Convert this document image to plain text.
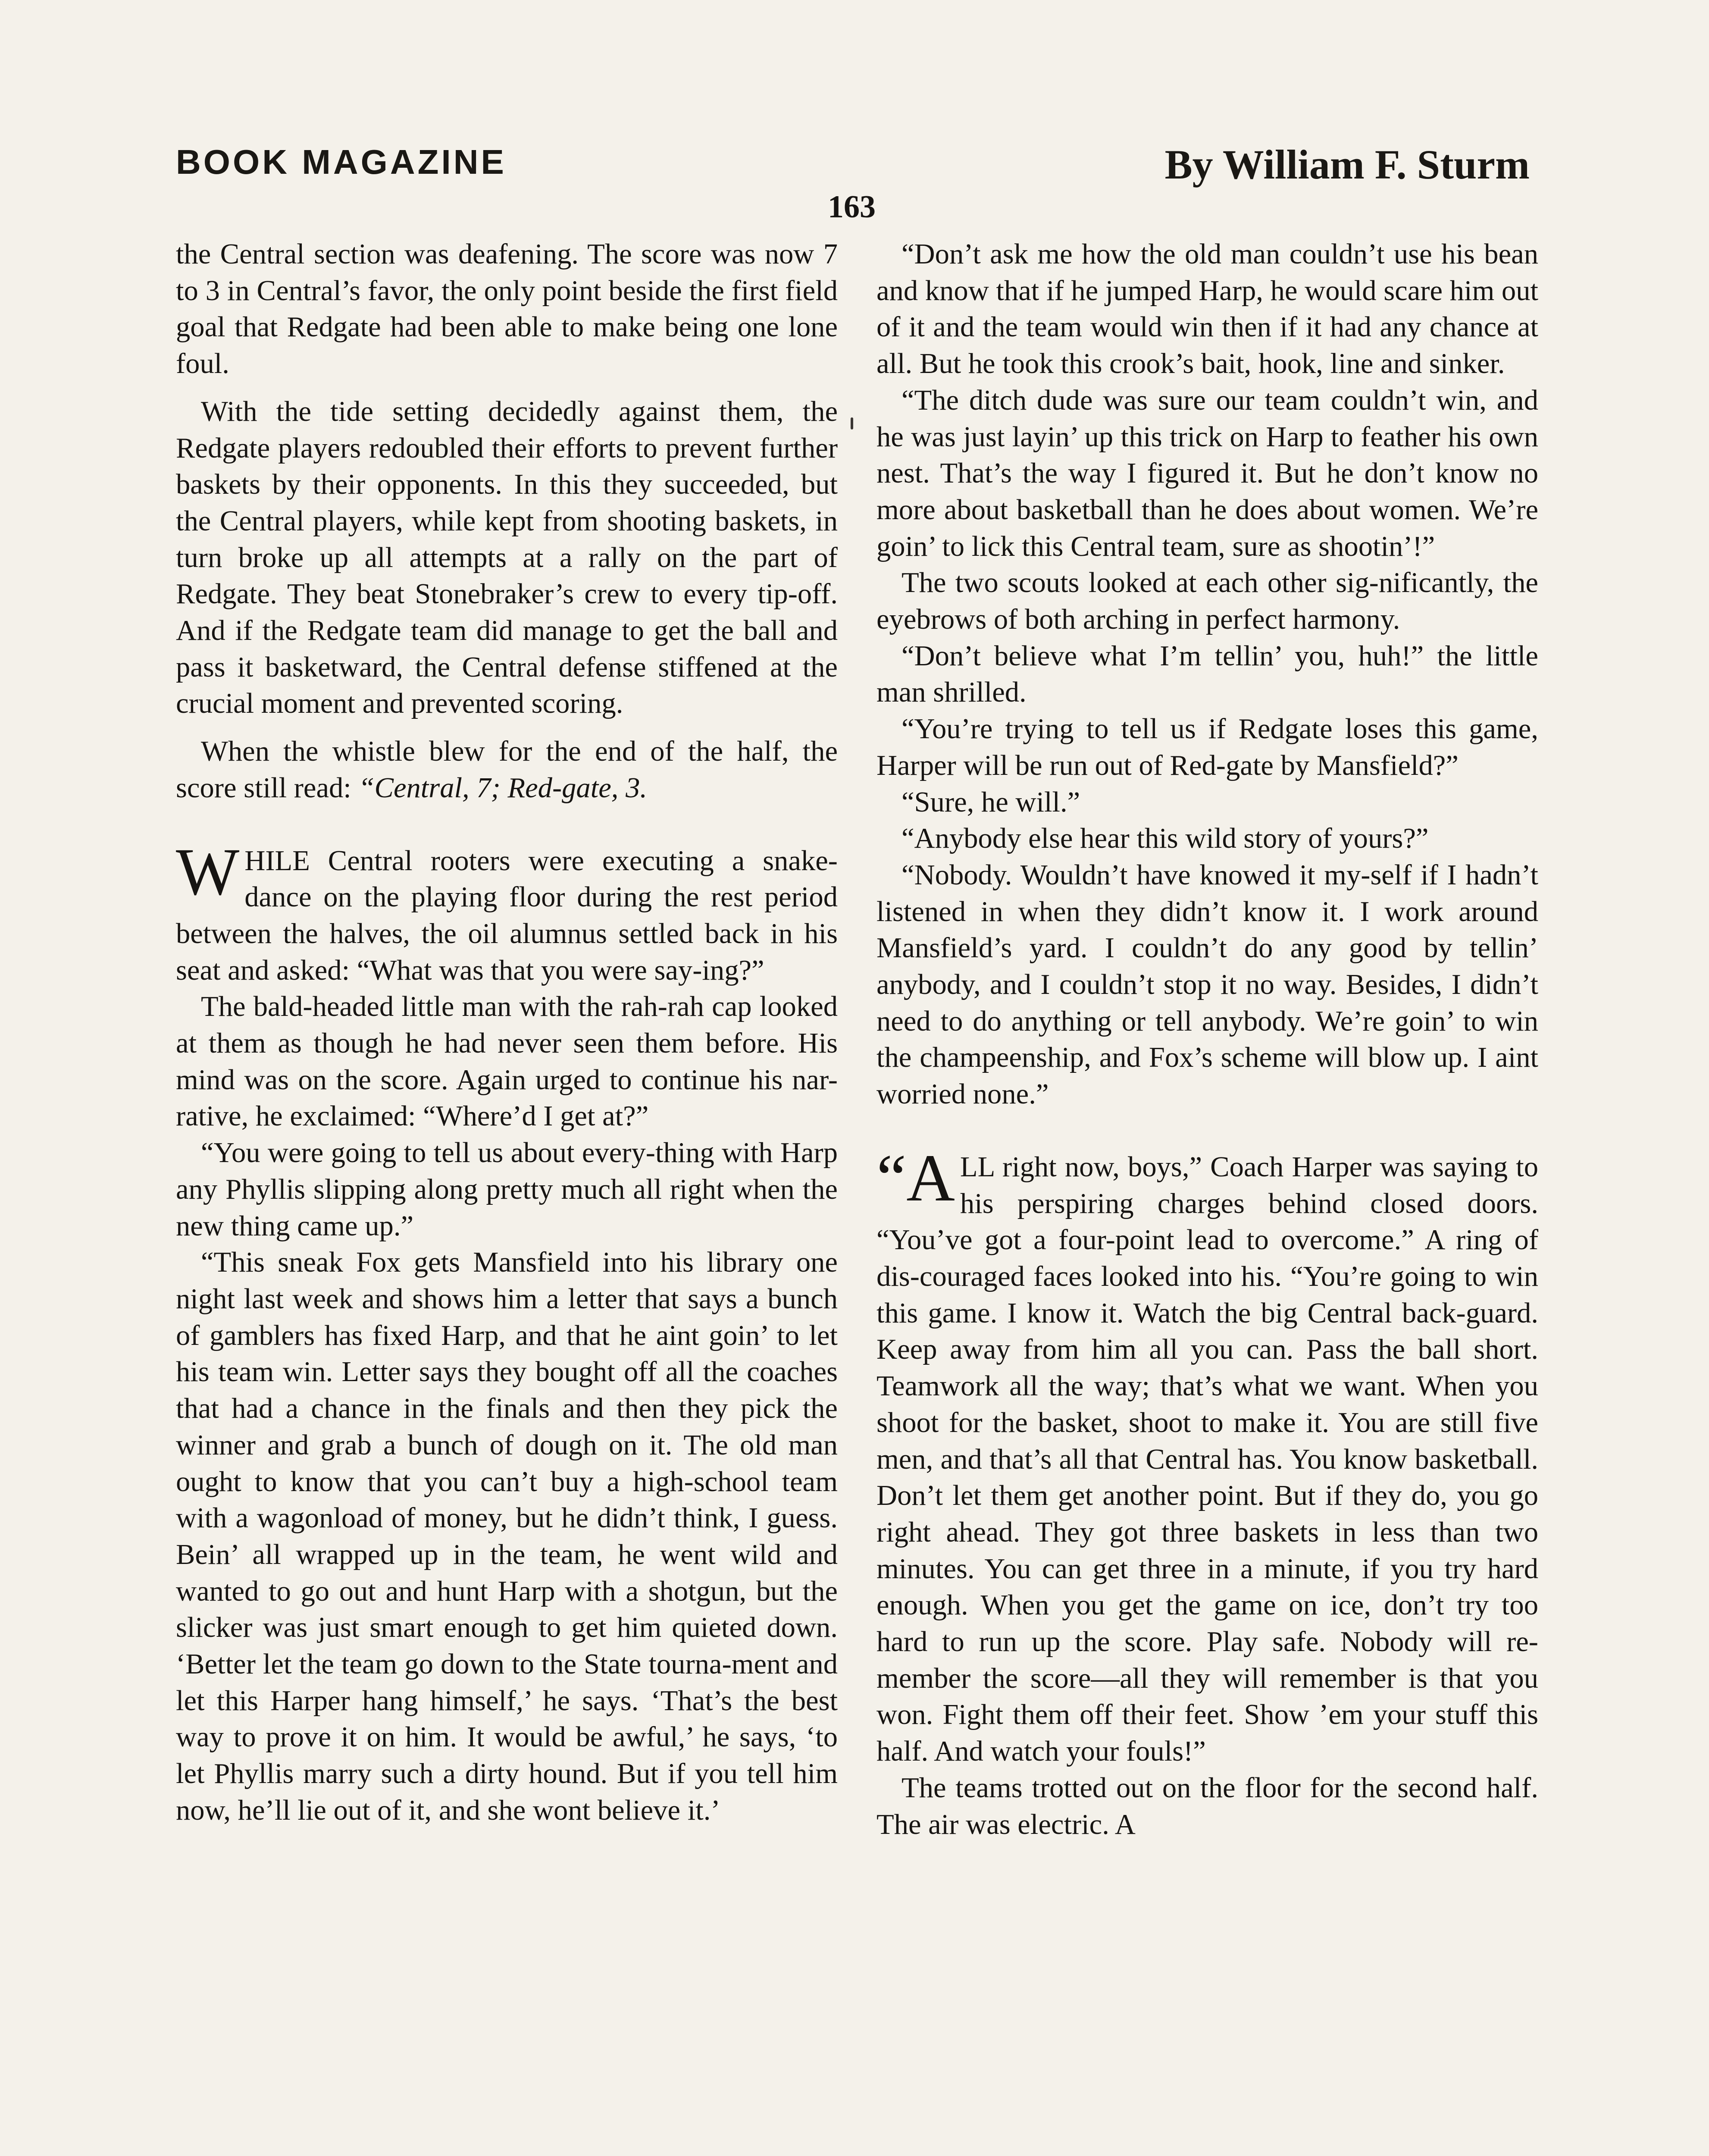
BOOK MAGAZINE	By William F. Sturm
163

the Central section was deafening. The score was now 7 to 3 in Central’s favor, the only point beside the first field goal that Redgate had been able to make being one lone foul.

With the tide setting decidedly against them, the Redgate players redoubled their efforts to prevent further baskets by their opponents. In this they succeeded, but the Central players, while kept from shooting baskets, in turn broke up all attempts at a rally on the part of Redgate. They beat Stonebraker’s crew to every tip-off. And if the Redgate team did manage to get the ball and pass it basketward, the Central defense stiffened at the crucial moment and prevented scoring.

When the whistle blew for the end of the half, the score still read: “Central, 7; Red-gate, 3.

WHILE Central rooters were executing a snake-dance on the playing floor during the rest period between the halves, the oil alumnus settled back in his seat and asked: “What was that you were say-ing?”

The bald-headed little man with the rah-rah cap looked at them as though he had never seen them before. His mind was on the score. Again urged to continue his nar-rative, he exclaimed: “Where’d I get at?”

“You were going to tell us about every-thing with Harp any Phyllis slipping along pretty much all right when the new thing came up.”

“This sneak Fox gets Mansfield into his library one night last week and shows him a letter that says a bunch of gamblers has fixed Harp, and that he aint goin’ to let his team win. Letter says they bought off all the coaches that had a chance in the finals and then they pick the winner and grab a bunch of dough on it. The old man ought to know that you can’t buy a high-school team with a wagonload of money, but he didn’t think, I guess. Bein’ all wrapped up in the team, he went wild and wanted to go out and hunt Harp with a shotgun, but the slicker was just smart enough to get him quieted down. ‘Better let the team go down to the State tourna-ment and let this Harper hang himself,’ he says. ‘That’s the best way to prove it on him. It would be awful,’ he says, ‘to let Phyllis marry such a dirty hound. But if you tell him now, he’ll lie out of it, and she wont believe it.’

“Don’t ask me how the old man couldn’t use his bean and know that if he jumped Harp, he would scare him out of it and the team would win then if it had any chance at all. But he took this crook’s bait, hook, line and sinker.

“The ditch dude was sure our team couldn’t win, and he was just layin’ up this trick on Harp to feather his own nest. That’s the way I figured it. But he don’t know no more about basketball than he does about women. We’re goin’ to lick this Central team, sure as shootin’!”

The two scouts looked at each other sig-nificantly, the eyebrows of both arching in perfect harmony.

“Don’t believe what I’m tellin’ you, huh!” the little man shrilled.

“You’re trying to tell us if Redgate loses this game, Harper will be run out of Red-gate by Mansfield?”

“Sure, he will.”

“Anybody else hear this wild story of yours?”

“Nobody. Wouldn’t have knowed it my-self if I hadn’t listened in when they didn’t know it. I work around Mansfield’s yard. I couldn’t do any good by tellin’ anybody, and I couldn’t stop it no way. Besides, I didn’t need to do anything or tell anybody. We’re goin’ to win the champeenship, and Fox’s scheme will blow up. I aint worried none.”

“A LL right now, boys,” Coach Harper was saying to his perspiring charges behind closed doors. “You’ve got a four-point lead to overcome.” A ring of dis-couraged faces looked into his. “You’re going to win this game. I know it. Watch the big Central back-guard. Keep away from him all you can. Pass the ball short. Teamwork all the way; that’s what we want. When you shoot for the basket, shoot to make it. You are still five men, and that’s all that Central has. You know basketball. Don’t let them get another point. But if they do, you go right ahead. They got three baskets in less than two minutes. You can get three in a minute, if you try hard enough. When you get the game on ice, don’t try too hard to run up the score. Play safe. Nobody will re-member the score—all they will remember is that you won. Fight them off their feet. Show ’em your stuff this half. And watch your fouls!”

The teams trotted out on the floor for the second half. The air was electric. A
